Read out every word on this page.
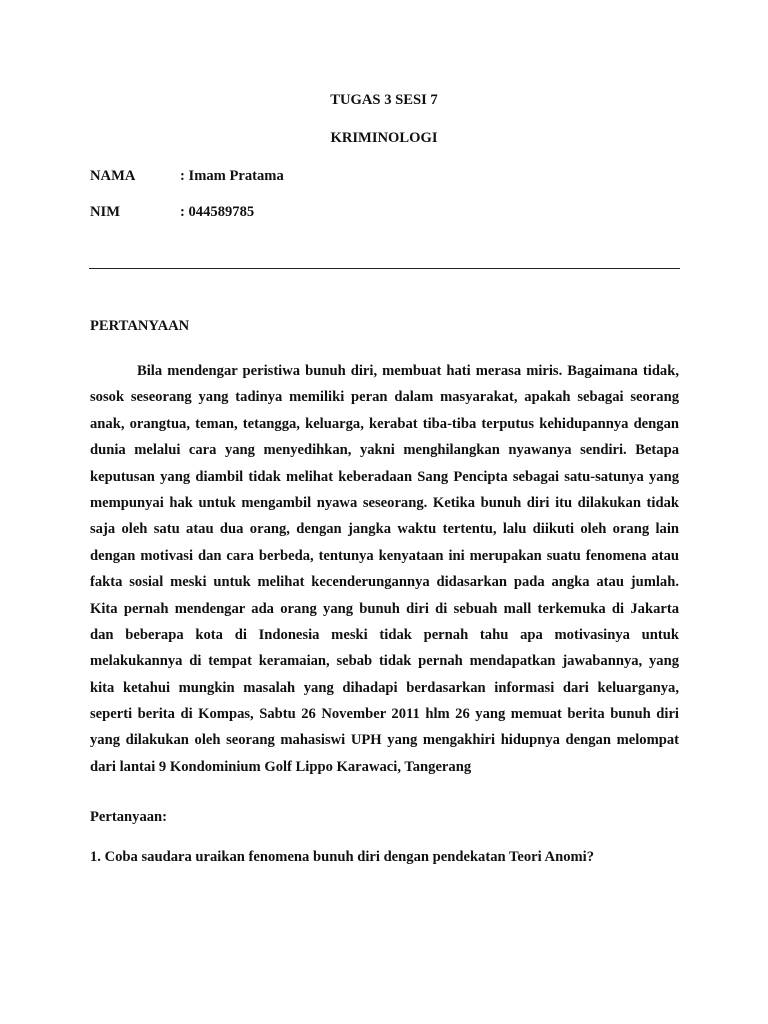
TUGAS 3 SESI 7
KRIMINOLOGI
NAMA	: Imam Pratama
NIM	: 044589785
PERTANYAAN
Bila mendengar peristiwa bunuh diri, membuat hati merasa miris. Bagaimana tidak,
sosok seseorang yang tadinya memiliki peran dalam masyarakat, apakah sebagai seorang
anak, orangtua, teman, tetangga, keluarga, kerabat tiba-tiba terputus kehidupannya dengan
dunia melalui cara yang menyedihkan, yakni menghilangkan nyawanya sendiri. Betapa
keputusan yang diambil tidak melihat keberadaan Sang Pencipta sebagai satu-satunya yang
mempunyai hak untuk mengambil nyawa seseorang. Ketika bunuh diri itu dilakukan tidak
saja oleh satu atau dua orang, dengan jangka waktu tertentu, lalu diikuti oleh orang lain
dengan motivasi dan cara berbeda, tentunya kenyataan ini merupakan suatu fenomena atau
fakta sosial meski untuk melihat kecenderungannya didasarkan pada angka atau jumlah.
Kita pernah mendengar ada orang yang bunuh diri di sebuah mall terkemuka di Jakarta
dan beberapa kota di Indonesia meski tidak pernah tahu apa motivasinya untuk
melakukannya di tempat keramaian, sebab tidak pernah mendapatkan jawabannya, yang
kita ketahui mungkin masalah yang dihadapi berdasarkan informasi dari keluarganya,
seperti berita di Kompas, Sabtu 26 November 2011 hlm 26 yang memuat berita bunuh diri
yang dilakukan oleh seorang mahasiswi UPH yang mengakhiri hidupnya dengan melompat
dari lantai 9 Kondominium Golf Lippo Karawaci, Tangerang
Pertanyaan:
1. Coba saudara uraikan fenomena bunuh diri dengan pendekatan Teori Anomi?
